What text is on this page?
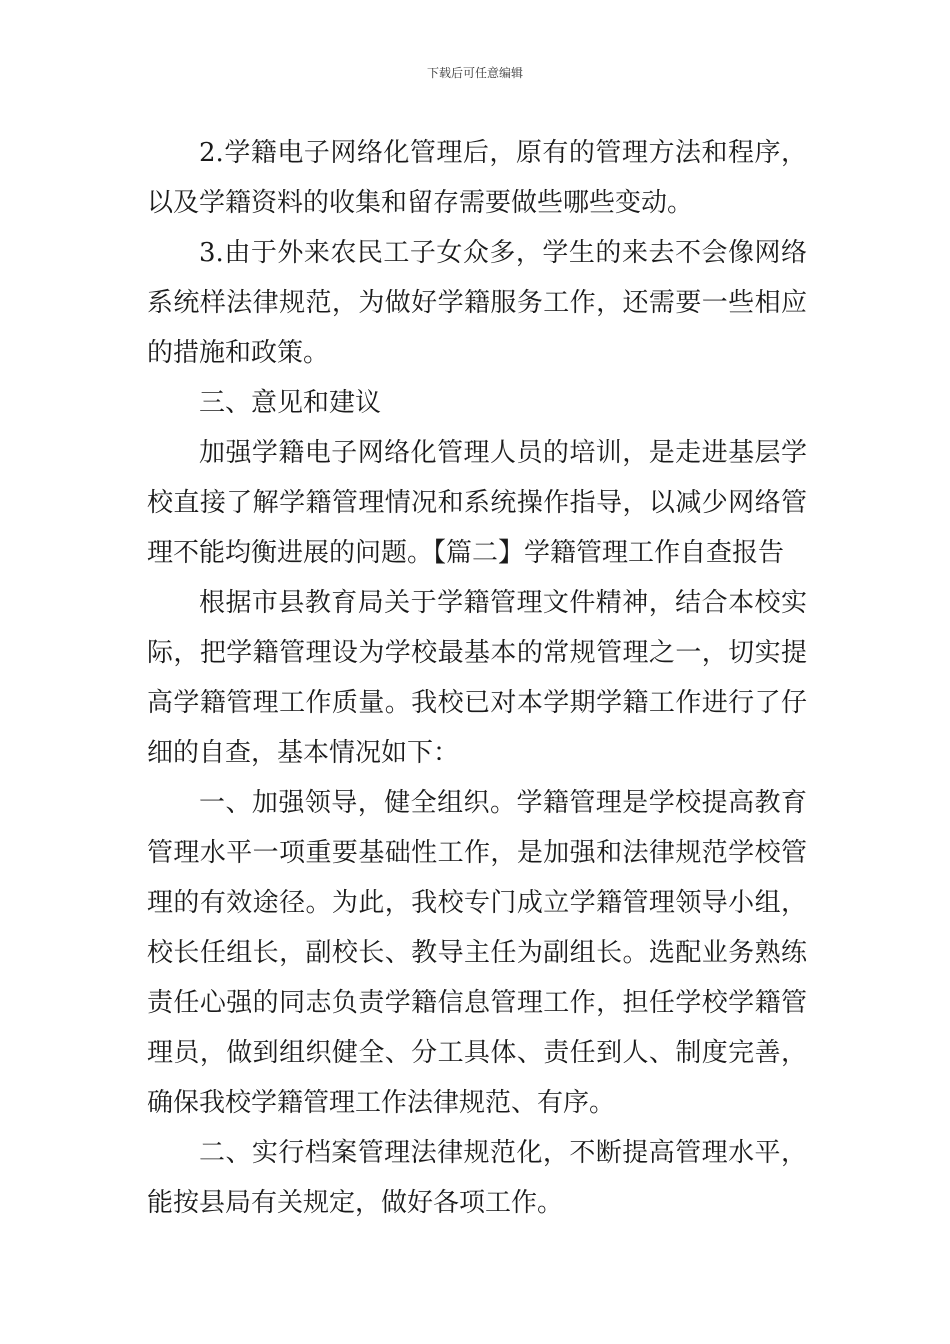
下载后可任意编辑

2.学籍电子网络化管理后，原有的管理方法和程序，以及学籍资料的收集和留存需要做些哪些变动。

3.由于外来农民工子女众多，学生的来去不会像网络系统样法律规范，为做好学籍服务工作，还需要一些相应的措施和政策。

三、意见和建议

加强学籍电子网络化管理人员的培训，是走进基层学校直接了解学籍管理情况和系统操作指导，以减少网络管理不能均衡进展的问题。【篇二】学籍管理工作自查报告

根据市县教育局关于学籍管理文件精神，结合本校实际，把学籍管理设为学校最基本的常规管理之一，切实提高学籍管理工作质量。我校已对本学期学籍工作进行了仔细的自查，基本情况如下：

一、加强领导，健全组织。学籍管理是学校提高教育管理水平一项重要基础性工作，是加强和法律规范学校管理的有效途径。为此，我校专门成立学籍管理领导小组，校长任组长，副校长、教导主任为副组长。选配业务熟练责任心强的同志负责学籍信息管理工作，担任学校学籍管理员，做到组织健全、分工具体、责任到人、制度完善，确保我校学籍管理工作法律规范、有序。

二、实行档案管理法律规范化，不断提高管理水平，能按县局有关规定，做好各项工作。
